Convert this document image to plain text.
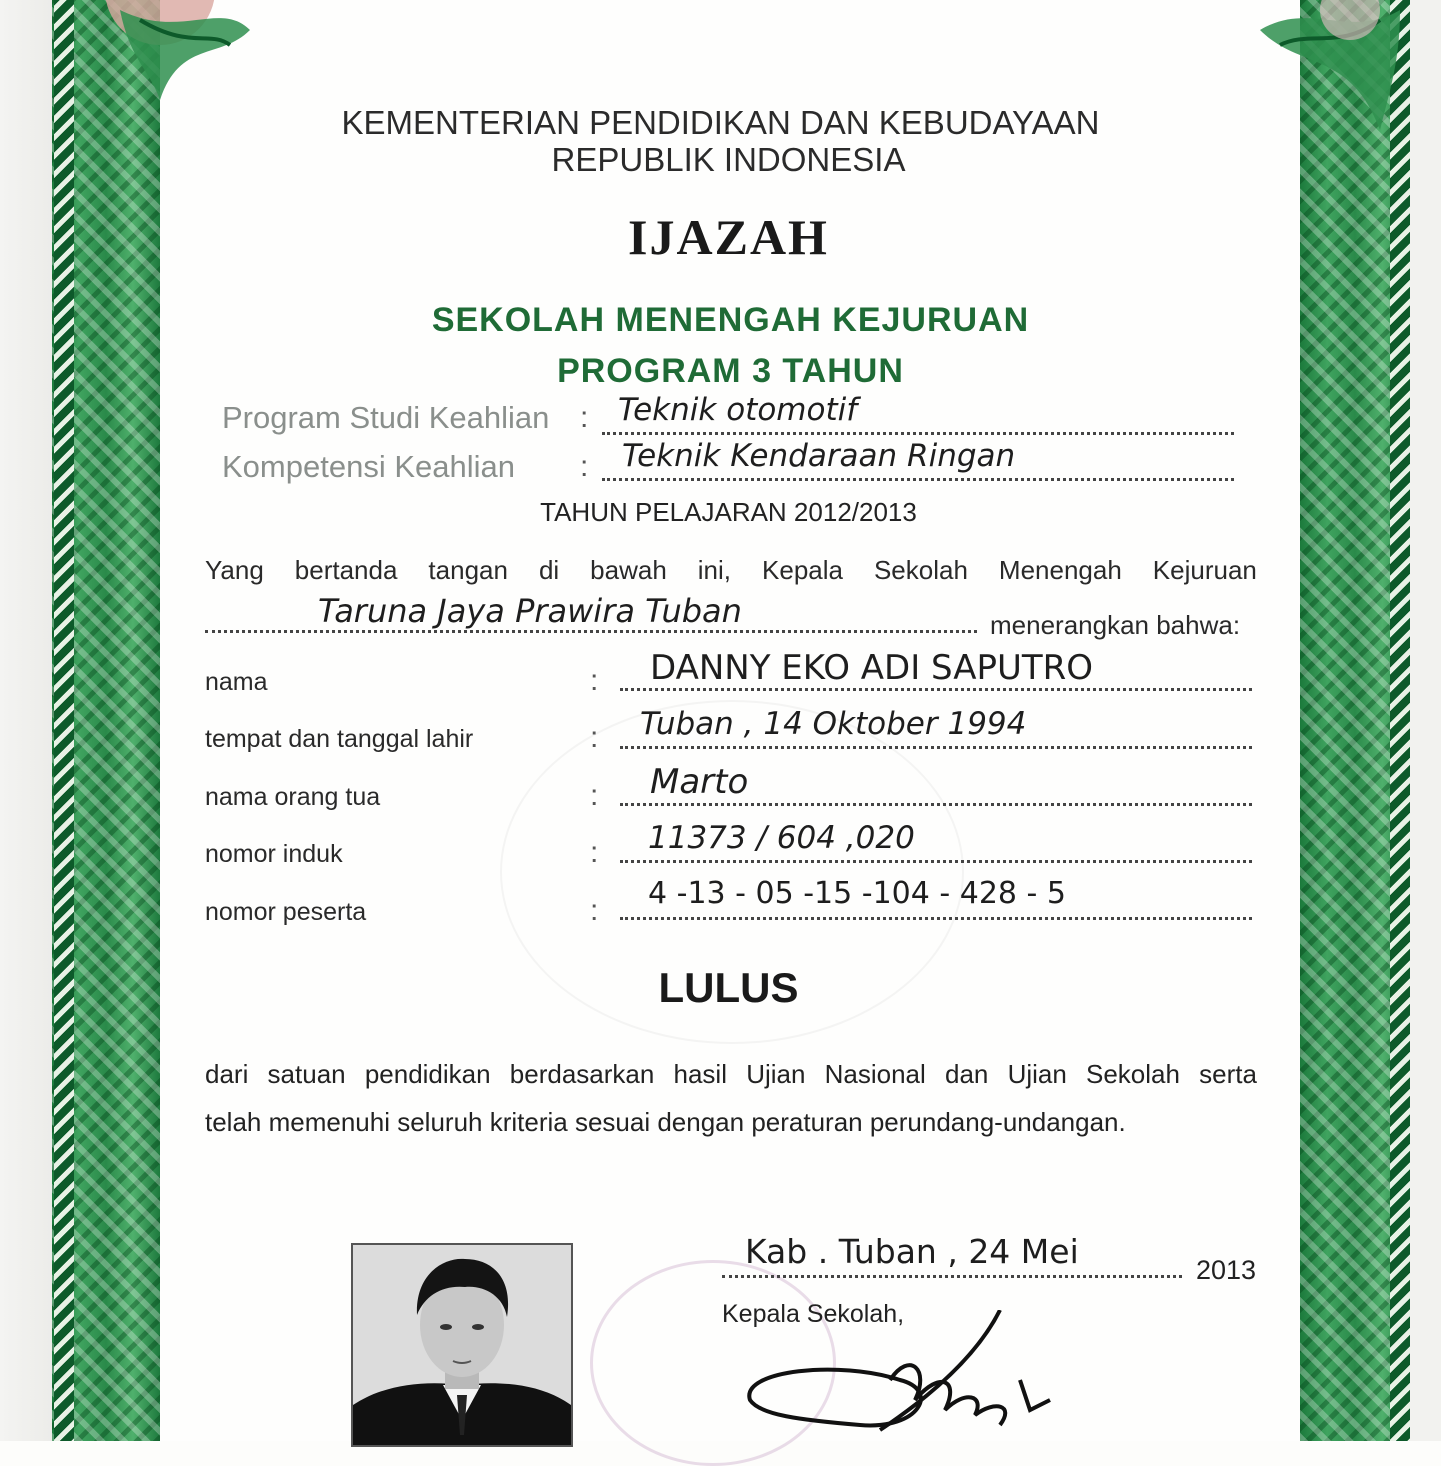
KEMENTERIAN PENDIDIKAN DAN KEBUDAYAAN
REPUBLIK INDONESIA
IJAZAH
SEKOLAH MENENGAH KEJURUAN
PROGRAM 3 TAHUN
Program Studi Keahlian : Teknik otomotif
Kompetensi Keahlian : Teknik Kendaraan Ringan
TAHUN PELAJARAN 2012/2013
Yang bertanda tangan di bawah ini, Kepala Sekolah Menengah Kejuruan
Taruna Jaya Prawira Tuban	menerangkan bahwa:
nama	: DANNY EKO ADI SAPUTRO
tempat dan tanggal lahir	: Tuban , 14 Oktober 1994
nama orang tua	: Marto
nomor induk	: 11373 / 604 ,020
nomor peserta	: 4 -13 - 05 -15 -104 - 428 - 5
LULUS
dari satuan pendidikan berdasarkan hasil Ujian Nasional dan Ujian Sekolah serta
telah memenuhi seluruh kriteria sesuai dengan peraturan perundang-undangan.
Kab . Tuban , 24 Mei	2013
Kepala Sekolah,
